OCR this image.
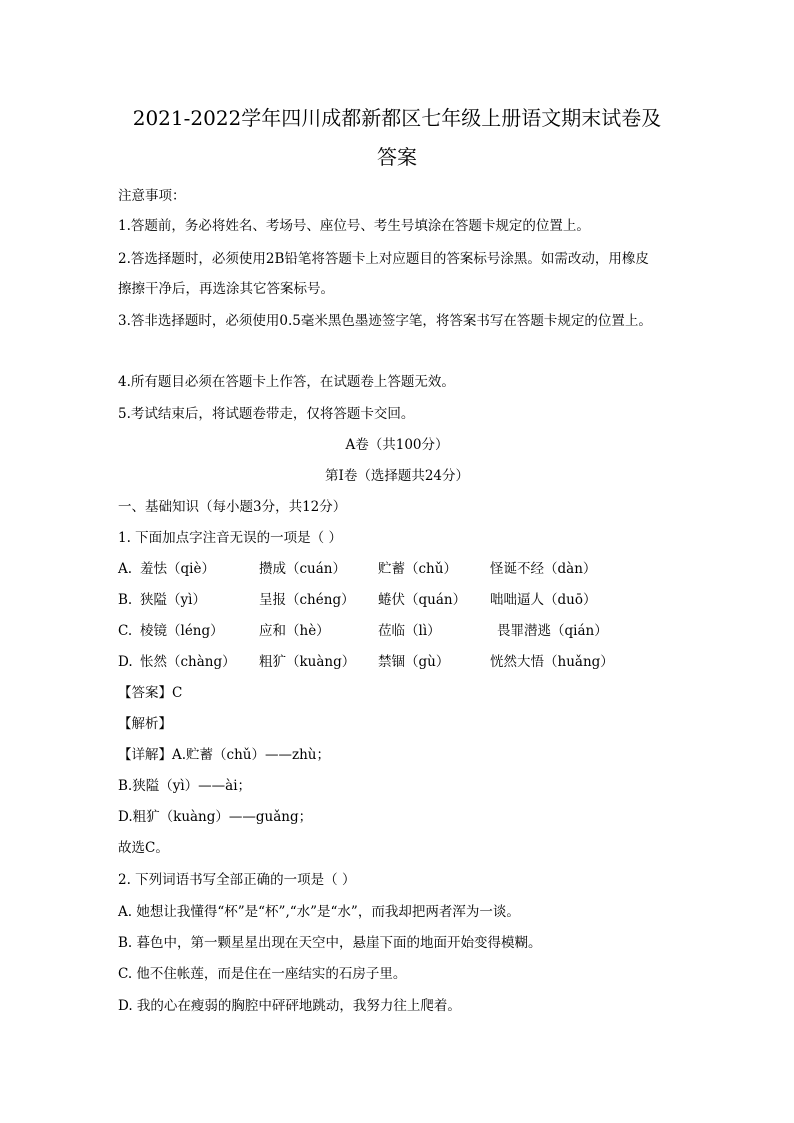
2021-2022学年四川成都新都区七年级上册语文期末试卷及
答案
注意事项：
1.答题前，务必将姓名、考场号、座位号、考生号填涂在答题卡规定的位置上。
2.答选择题时，必须使用2B铅笔将答题卡上对应题目的答案标号涂黑。如需改动，用橡皮
擦擦干净后，再选涂其它答案标号。
3.答非选择题时，必须使用0.5毫米黑色墨迹签字笔，将答案书写在答题卡规定的位置上。
4.所有题目必须在答题卡上作答，在试题卷上答题无效。
5.考试结束后，将试题卷带走，仅将答题卡交回。
A卷（共100分）
第Ⅰ卷（选择题共24分）
一、基础知识（每小题3分，共12分）
1. 下面加点字注音无误的一项是（ ）
A. 羞怯（qiè）	攒成（cuán） 贮蓄（chǔ） 怪诞不经（dàn）
B. 狭隘（yì）	呈报（chéng） 蜷伏（quán） 咄咄逼人（duō）
C. 棱镜（léng）	应和（hè）	莅临（lì）	畏罪潜逃（qián）
D. 怅然（chàng） 粗犷（kuàng） 禁锢（gù）	恍然大悟（huǎng）
【答案】C
【解析】
【详解】A.贮蓄（chǔ）——zhù；
B.狭隘（yì）——ài；
D.粗犷（kuàng）——guǎng；
故选C。
2. 下列词语书写全部正确的一项是（ ）
A. 她想让我懂得“杯”是“杯”,“水”是“水”，而我却把两者浑为一谈。
B. 暮色中，第一颗星星出现在天空中，悬崖下面的地面开始变得模糊。
C. 他不住帐莲，而是住在一座结实的石房子里。
D. 我的心在瘦弱的胸腔中砰砰地跳动，我努力往上爬着。
